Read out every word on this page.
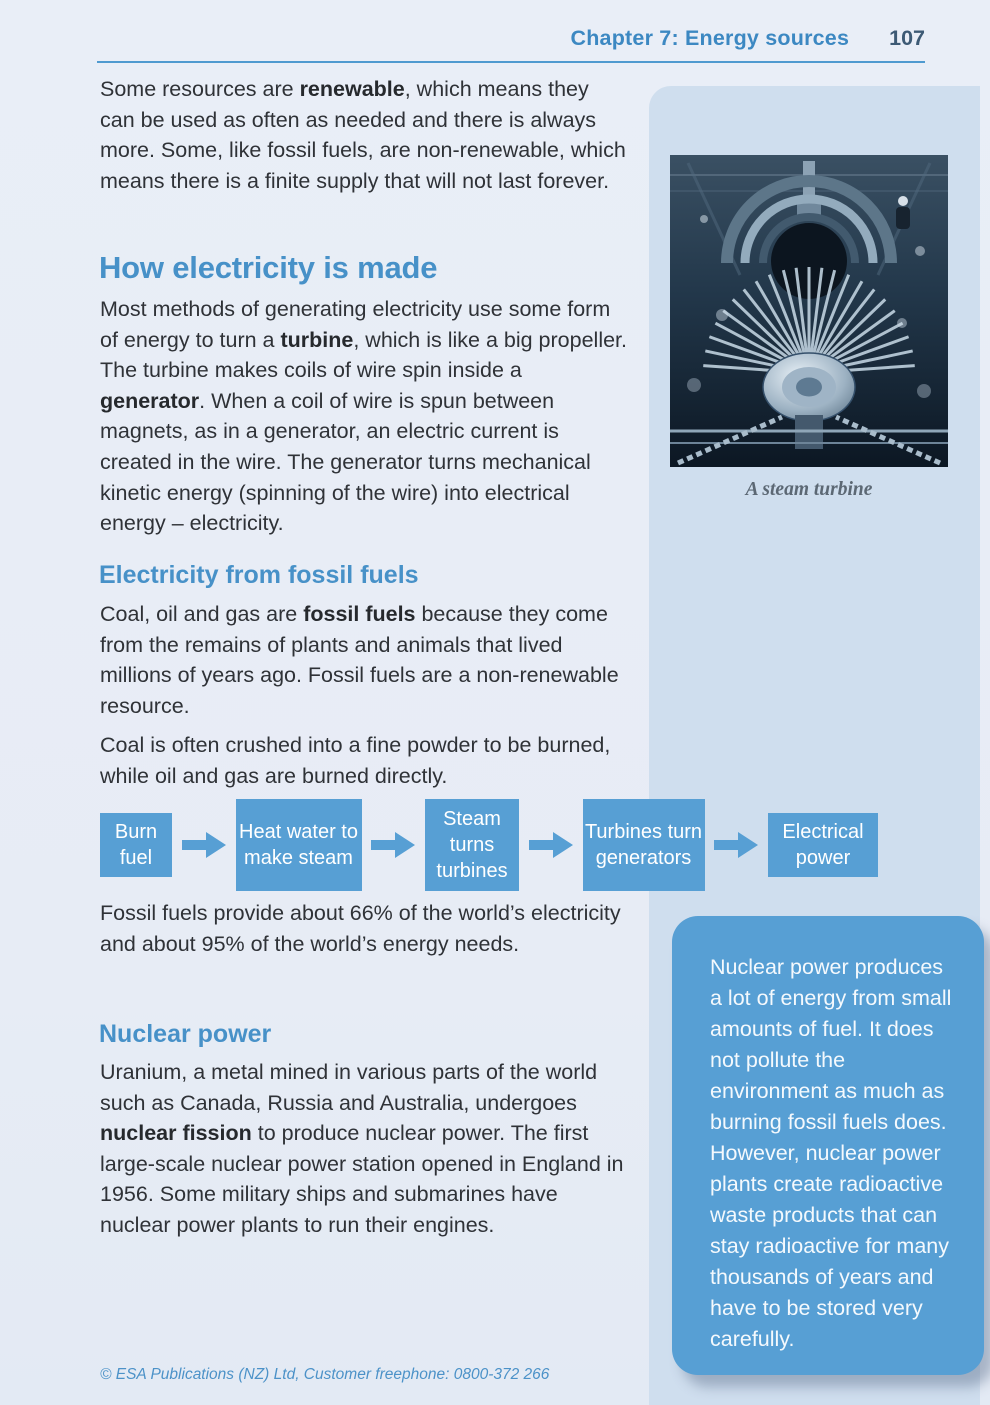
Chapter 7: Energy sources 107

Some resources are renewable, which means they can be used as often as needed and there is always more. Some, like fossil fuels, are non-renewable, which means there is a finite supply that will not last forever.

How electricity is made

Most methods of generating electricity use some form of energy to turn a turbine, which is like a big propeller. The turbine makes coils of wire spin inside a generator. When a coil of wire is spun between magnets, as in a generator, an electric current is created in the wire. The generator turns mechanical kinetic energy (spinning of the wire) into electrical energy – electricity.

Electricity from fossil fuels

Coal, oil and gas are fossil fuels because they come from the remains of plants and animals that lived millions of years ago. Fossil fuels are a non-renewable resource.

Coal is often crushed into a fine powder to be burned, while oil and gas are burned directly.

Burn fuel
Heat water to make steam
Steam turns turbines
Turbines turn generators
Electrical power

Fossil fuels provide about 66% of the world’s electricity and about 95% of the world’s energy needs.

Nuclear power

Uranium, a metal mined in various parts of the world such as Canada, Russia and Australia, undergoes nuclear fission to produce nuclear power. The first large-scale nuclear power station opened in England in 1956. Some military ships and submarines have nuclear power plants to run their engines.

A steam turbine
Nuclear power produces a lot of energy from small amounts of fuel. It does not pollute the environment as much as burning fossil fuels does. However, nuclear power plants create radioactive waste products that can stay radioactive for many thousands of years and have to be stored very carefully.
© ESA Publications (NZ) Ltd, Customer freephone: 0800-372 266
